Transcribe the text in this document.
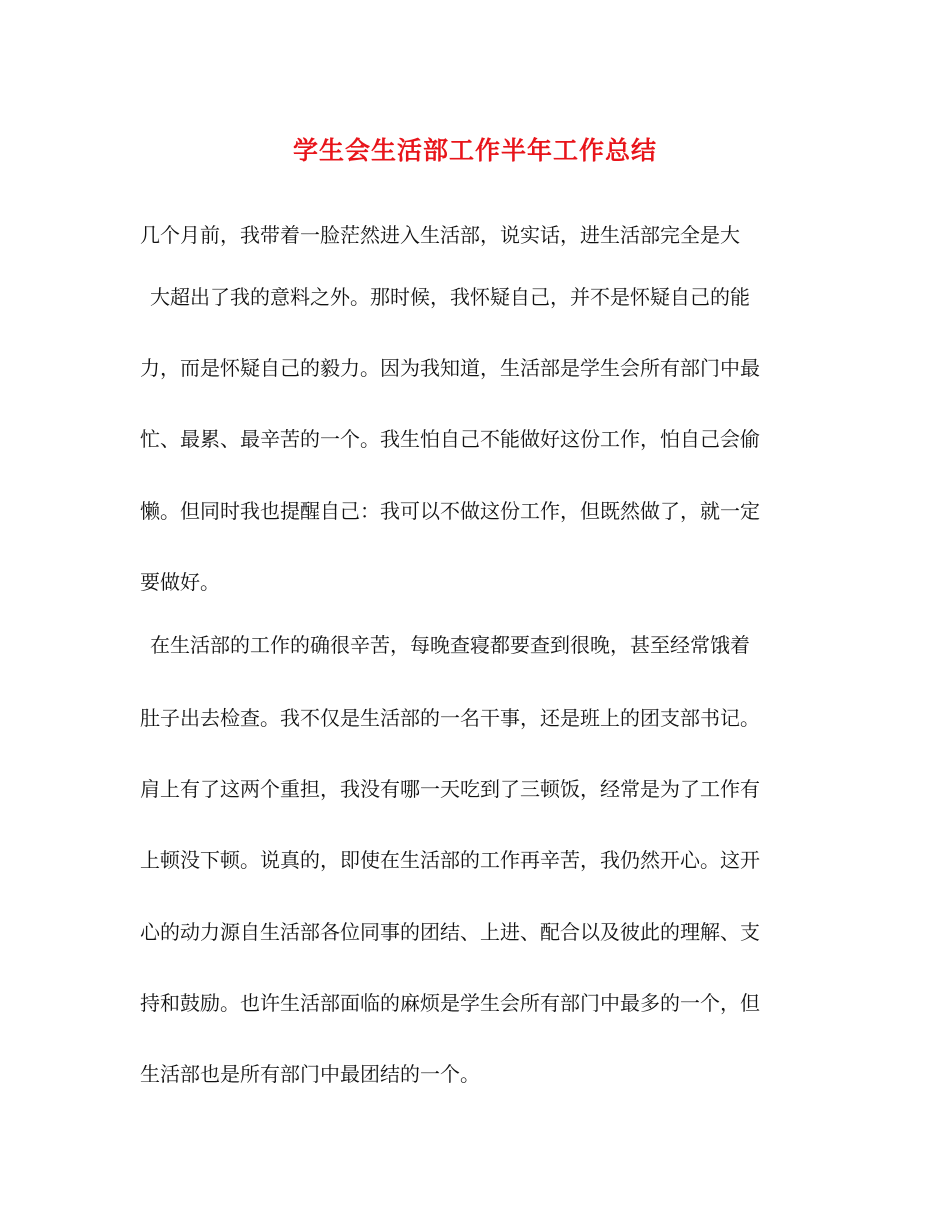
学生会生活部工作半年工作总结
几个月前，我带着一脸茫然进入生活部，说实话，进生活部完全是大
大超出了我的意料之外。那时候，我怀疑自己，并不是怀疑自己的能
力，而是怀疑自己的毅力。因为我知道，生活部是学生会所有部门中最
忙、最累、最辛苦的一个。我生怕自己不能做好这份工作，怕自己会偷
懒。但同时我也提醒自己：我可以不做这份工作，但既然做了，就一定
要做好。
在生活部的工作的确很辛苦，每晚查寝都要查到很晚，甚至经常饿着
肚子出去检查。我不仅是生活部的一名干事，还是班上的团支部书记。
肩上有了这两个重担，我没有哪一天吃到了三顿饭，经常是为了工作有
上顿没下顿。说真的，即使在生活部的工作再辛苦，我仍然开心。这开
心的动力源自生活部各位同事的团结、上进、配合以及彼此的理解、支
持和鼓励。也许生活部面临的麻烦是学生会所有部门中最多的一个，但
生活部也是所有部门中最团结的一个。
